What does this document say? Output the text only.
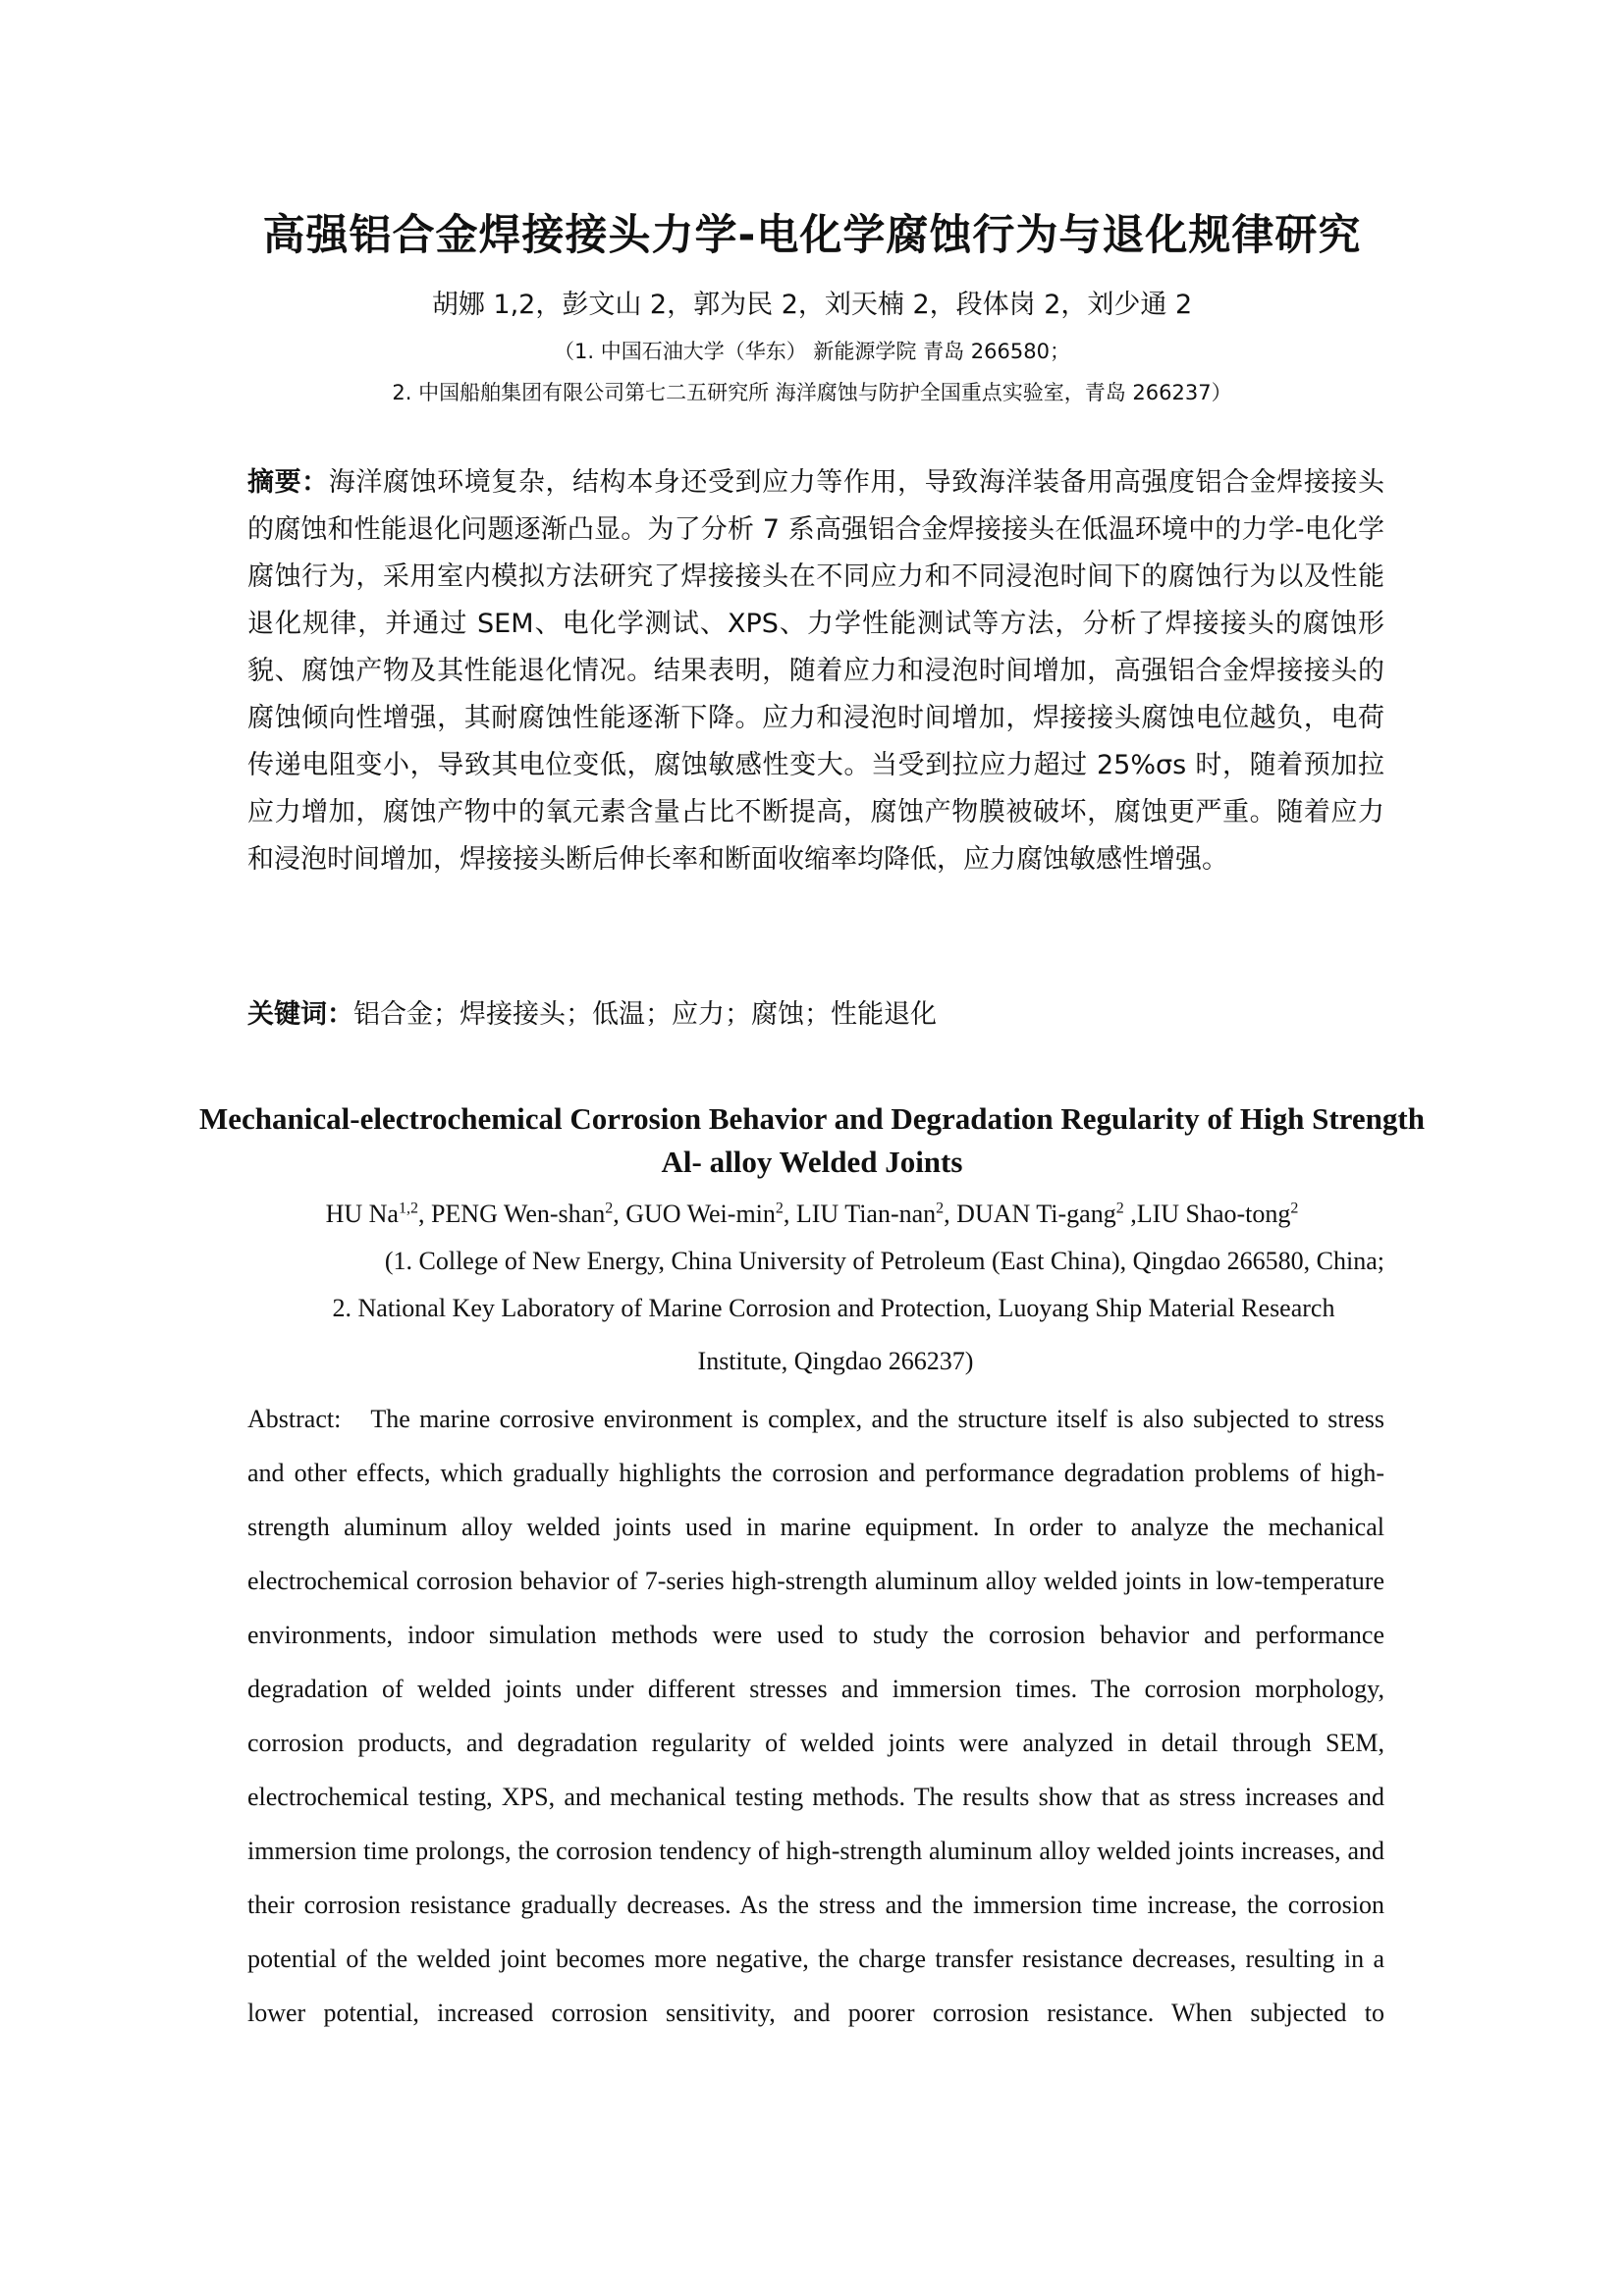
高强铝合金焊接接头力学-电化学腐蚀行为与退化规律研究
胡娜 1,2，彭文山 2，郭为民 2，刘天楠 2，段体岗 2，刘少通 2
（1. 中国石油大学（华东） 新能源学院 青岛 266580；
2. 中国船舶集团有限公司第七二五研究所 海洋腐蚀与防护全国重点实验室，青岛 266237）

摘要：海洋腐蚀环境复杂，结构本身还受到应力等作用，导致海洋装备用高强度铝合金焊接接头的腐蚀和性能退化问题逐渐凸显。为了分析 7 系高强铝合金焊接接头在低温环境中的力学-电化学腐蚀行为，采用室内模拟方法研究了焊接接头在不同应力和不同浸泡时间下的腐蚀行为以及性能退化规律，并通过 SEM、电化学测试、XPS、力学性能测试等方法，分析了焊接接头的腐蚀形貌、腐蚀产物及其性能退化情况。结果表明，随着应力和浸泡时间增加，高强铝合金焊接接头的腐蚀倾向性增强，其耐腐蚀性能逐渐下降。应力和浸泡时间增加，焊接接头腐蚀电位越负，电荷传递电阻变小，导致其电位变低，腐蚀敏感性变大。当受到拉应力超过 25%σs 时，随着预加拉应力增加，腐蚀产物中的氧元素含量占比不断提高，腐蚀产物膜被破坏，腐蚀更严重。随着应力和浸泡时间增加，焊接接头断后伸长率和断面收缩率均降低，应力腐蚀敏感性增强。

关键词：铝合金；焊接接头；低温；应力；腐蚀；性能退化

Mechanical-electrochemical Corrosion Behavior and Degradation Regularity of High Strength Al- alloy Welded Joints

HU Na$^{1,2}$, PENG Wen-shan$^2$, GUO Wei-$\min^2$, LIU Tian-nan$^2$, DUAN Ti-gang$^2$ ,LIU Shao-tong$^2$
(1. College of New Energy, China University of Petroleum (East China), Qingdao 266580, China;
2. National Key Laboratory of Marine Corrosion and Protection, Luoyang Ship Material Research
Institute, Qingdao 266237)

Abstract: The marine corrosive environment is complex, and the structure itself is also subjected to stress and other effects, which gradually highlights the corrosion and performance degradation problems of high-strength aluminum alloy welded joints used in marine equipment. In order to analyze the mechanical electrochemical corrosion behavior of 7-series high-strength aluminum alloy welded joints in low-temperature environments, indoor simulation methods were used to study the corrosion behavior and performance degradation of welded joints under different stresses and immersion times. The corrosion morphology, corrosion products, and degradation regularity of welded joints were analyzed in detail through SEM, electrochemical testing, XPS, and mechanical testing methods. The results show that as stress increases and immersion time prolongs, the corrosion tendency of high-strength aluminum alloy welded joints increases, and their corrosion resistance gradually decreases. As the stress and the immersion time increase, the corrosion potential of the welded joint becomes more negative, the charge transfer resistance decreases, resulting in a lower potential, increased corrosion sensitivity, and poorer corrosion resistance. When subjected to
